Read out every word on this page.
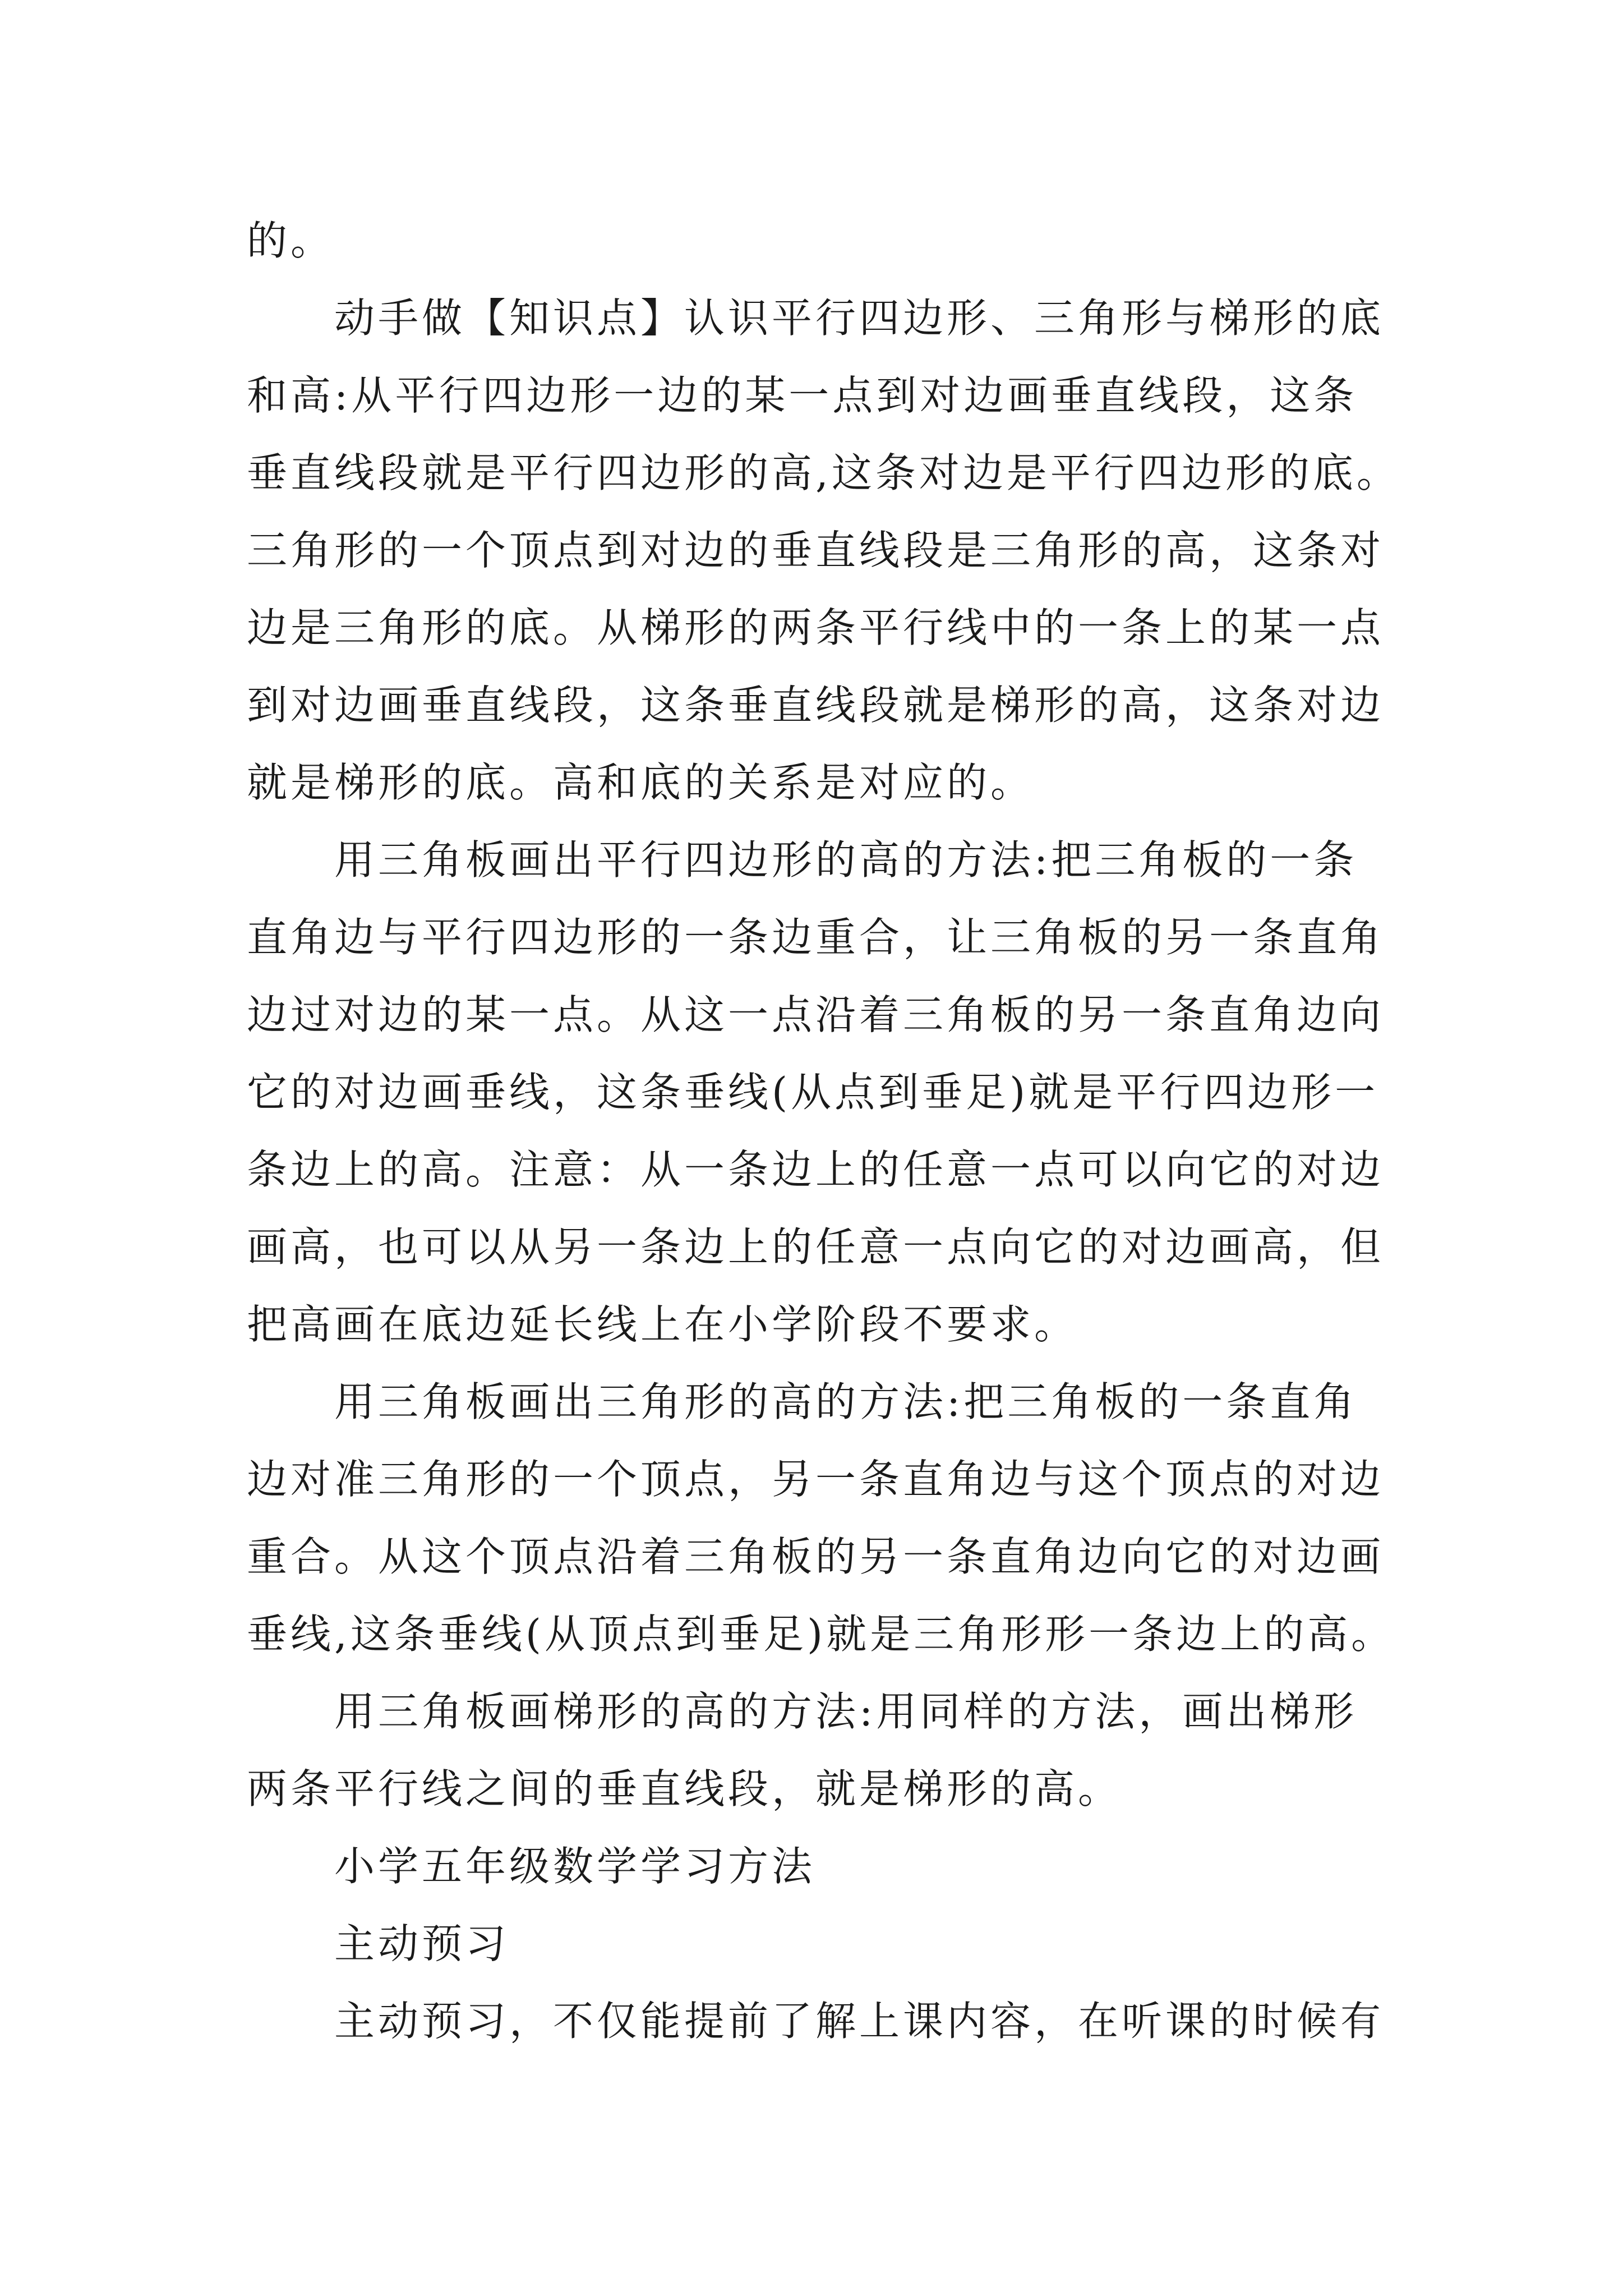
的。
动手做【知识点】认识平行四边形、三角形与梯形的底
和高:从平行四边形一边的某一点到对边画垂直线段，这条
垂直线段就是平行四边形的高,这条对边是平行四边形的底。
三角形的一个顶点到对边的垂直线段是三角形的高，这条对
边是三角形的底。从梯形的两条平行线中的一条上的某一点
到对边画垂直线段，这条垂直线段就是梯形的高，这条对边
就是梯形的底。高和底的关系是对应的。
用三角板画出平行四边形的高的方法:把三角板的一条
直角边与平行四边形的一条边重合，让三角板的另一条直角
边过对边的某一点。从这一点沿着三角板的另一条直角边向
它的对边画垂线，这条垂线(从点到垂足)就是平行四边形一
条边上的高。注意：从一条边上的任意一点可以向它的对边
画高，也可以从另一条边上的任意一点向它的对边画高，但
把高画在底边延长线上在小学阶段不要求。
用三角板画出三角形的高的方法:把三角板的一条直角
边对准三角形的一个顶点，另一条直角边与这个顶点的对边
重合。从这个顶点沿着三角板的另一条直角边向它的对边画
垂线,这条垂线(从顶点到垂足)就是三角形形一条边上的高。
用三角板画梯形的高的方法:用同样的方法，画出梯形
两条平行线之间的垂直线段，就是梯形的高。
小学五年级数学学习方法
主动预习
主动预习，不仅能提前了解上课内容，在听课的时候有
